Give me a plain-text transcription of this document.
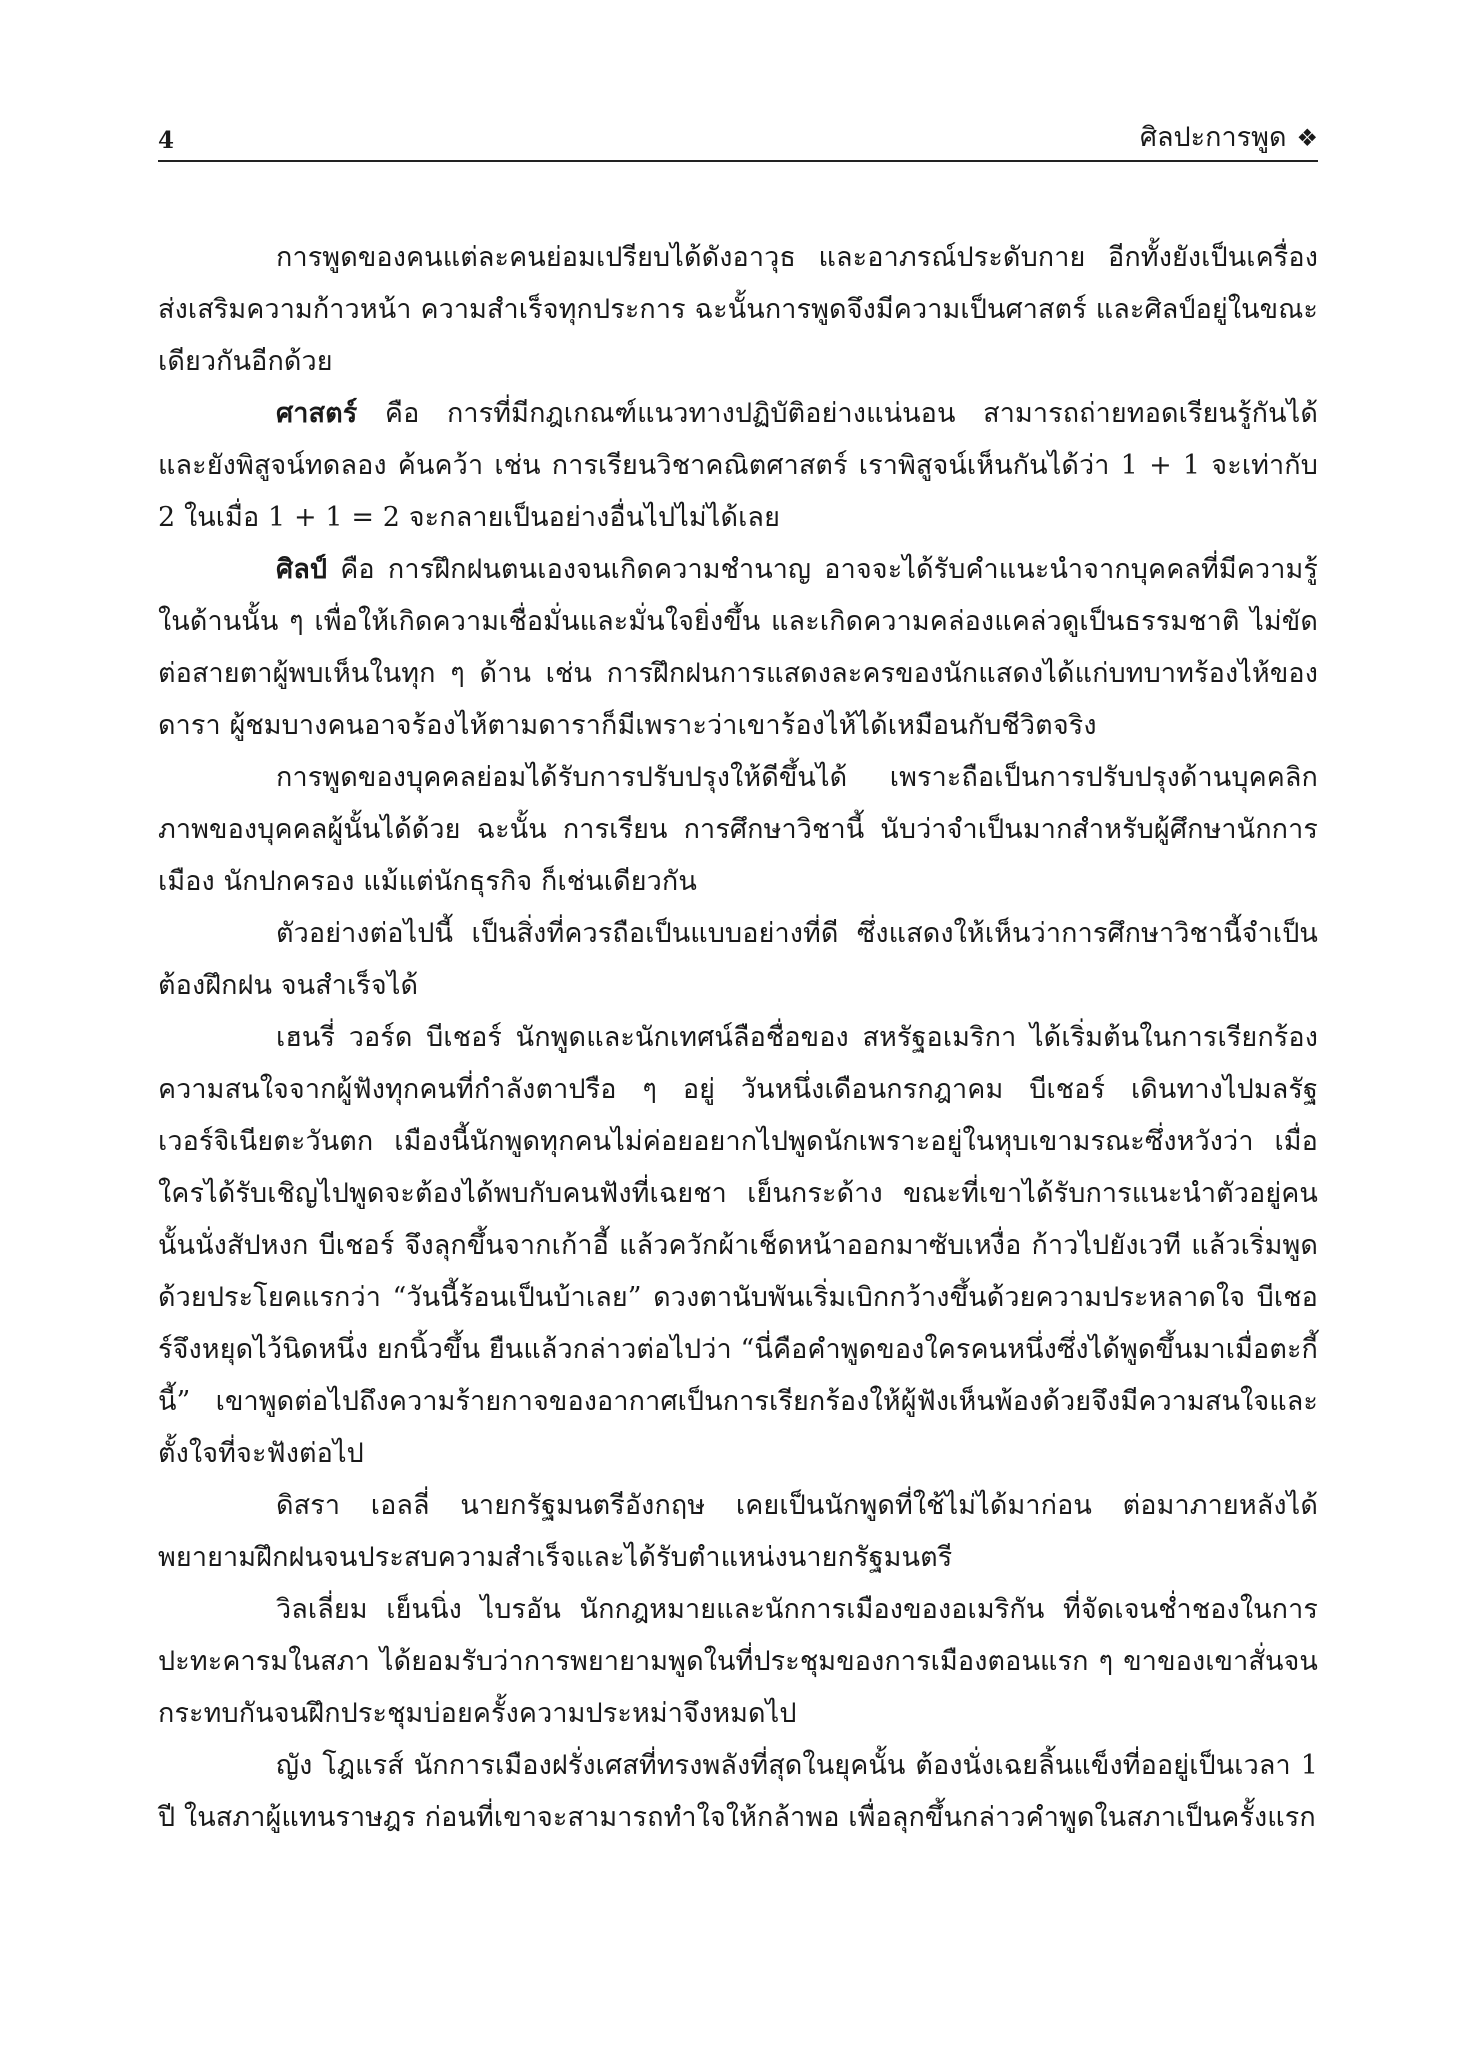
4	ศิลปะการพูด ❖

การพูดของคนแต่ละคนย่อมเปรียบได้ดังอาวุธ และอาภรณ์ประดับกาย อีกทั้งยังเป็นเครื่องส่งเสริมความก้าวหน้า ความสำเร็จทุกประการ ฉะนั้นการพูดจึงมีความเป็นศาสตร์ และศิลป์อยู่ในขณะเดียวกันอีกด้วย

ศาสตร์ คือ การที่มีกฎเกณฑ์แนวทางปฏิบัติอย่างแน่นอน สามารถถ่ายทอดเรียนรู้กันได้ และยังพิสูจน์ทดลอง ค้นคว้า เช่น การเรียนวิชาคณิตศาสตร์ เราพิสูจน์เห็นกันได้ว่า 1 + 1 จะเท่ากับ 2 ในเมื่อ 1 + 1 = 2 จะกลายเป็นอย่างอื่นไปไม่ได้เลย

ศิลป์ คือ การฝึกฝนตนเองจนเกิดความชำนาญ อาจจะได้รับคำแนะนำจากบุคคลที่มีความรู้ในด้านนั้น ๆ เพื่อให้เกิดความเชื่อมั่นและมั่นใจยิ่งขึ้น และเกิดความคล่องแคล่วดูเป็นธรรมชาติ ไม่ขัดต่อสายตาผู้พบเห็นในทุก ๆ ด้าน เช่น การฝึกฝนการแสดงละครของนักแสดงได้แก่บทบาทร้องไห้ของดารา ผู้ชมบางคนอาจร้องไห้ตามดาราก็มีเพราะว่าเขาร้องไห้ได้เหมือนกับชีวิตจริง

การพูดของบุคคลย่อมได้รับการปรับปรุงให้ดีขึ้นได้ เพราะถือเป็นการปรับปรุงด้านบุคคลิกภาพของบุคคลผู้นั้นได้ด้วย ฉะนั้น การเรียน การศึกษาวิชานี้ นับว่าจำเป็นมากสำหรับผู้ศึกษานักการเมือง นักปกครอง แม้แต่นักธุรกิจ ก็เช่นเดียวกัน

ตัวอย่างต่อไปนี้ เป็นสิ่งที่ควรถือเป็นแบบอย่างที่ดี ซึ่งแสดงให้เห็นว่าการศึกษาวิชานี้จำเป็นต้องฝึกฝน จนสำเร็จได้

เฮนรี่ วอร์ด บีเชอร์ นักพูดและนักเทศน์ลือชื่อของ สหรัฐอเมริกา ได้เริ่มต้นในการเรียกร้องความสนใจจากผู้ฟังทุกคนที่กำลังตาปรือ ๆ อยู่ วันหนึ่งเดือนกรกฎาคม บีเชอร์ เดินทางไปมลรัฐเวอร์จิเนียตะวันตก เมืองนี้นักพูดทุกคนไม่ค่อยอยากไปพูดนักเพราะอยู่ในหุบเขามรณะซึ่งหวังว่า เมื่อใครได้รับเชิญไปพูดจะต้องได้พบกับคนฟังที่เฉยชา เย็นกระด้าง ขณะที่เขาได้รับการแนะนำตัวอยู่คนนั้นนั่งสัปหงก บีเชอร์ จึงลุกขึ้นจากเก้าอี้ แล้วควักผ้าเช็ดหน้าออกมาซับเหงื่อ ก้าวไปยังเวที แล้วเริ่มพูดด้วยประโยคแรกว่า “วันนี้ร้อนเป็นบ้าเลย” ดวงตานับพันเริ่มเบิกกว้างขึ้นด้วยความประหลาดใจ บีเชอร์จึงหยุดไว้นิดหนึ่ง ยกนิ้วขึ้น ยืนแล้วกล่าวต่อไปว่า “นี่คือคำพูดของใครคนหนึ่งซึ่งได้พูดขึ้นมาเมื่อตะกี้นี้” เขาพูดต่อไปถึงความร้ายกาจของอากาศเป็นการเรียกร้องให้ผู้ฟังเห็นพ้องด้วยจึงมีความสนใจและตั้งใจที่จะฟังต่อไป

ดิสรา เอลลี่ นายกรัฐมนตรีอังกฤษ เคยเป็นนักพูดที่ใช้ไม่ได้มาก่อน ต่อมาภายหลังได้พยายามฝึกฝนจนประสบความสำเร็จและได้รับตำแหน่งนายกรัฐมนตรี

วิลเลี่ยม เย็นนิ่ง ไบรอัน นักกฎหมายและนักการเมืองของอเมริกัน ที่จัดเจนช่ำชองในการปะทะคารมในสภา ได้ยอมรับว่าการพยายามพูดในที่ประชุมของการเมืองตอนแรก ๆ ขาของเขาสั่นจนกระทบกันจนฝึกประชุมบ่อยครั้งความประหม่าจึงหมดไป

ญัง โฎแรส์ นักการเมืองฝรั่งเศสที่ทรงพลังที่สุดในยุคนั้น ต้องนั่งเฉยลิ้นแข็งที่ออยู่เป็นเวลา 1 ปี ในสภาผู้แทนราษฎร ก่อนที่เขาจะสามารถทำใจให้กล้าพอ เพื่อลุกขึ้นกล่าวคำพูดในสภาเป็นครั้งแรก
